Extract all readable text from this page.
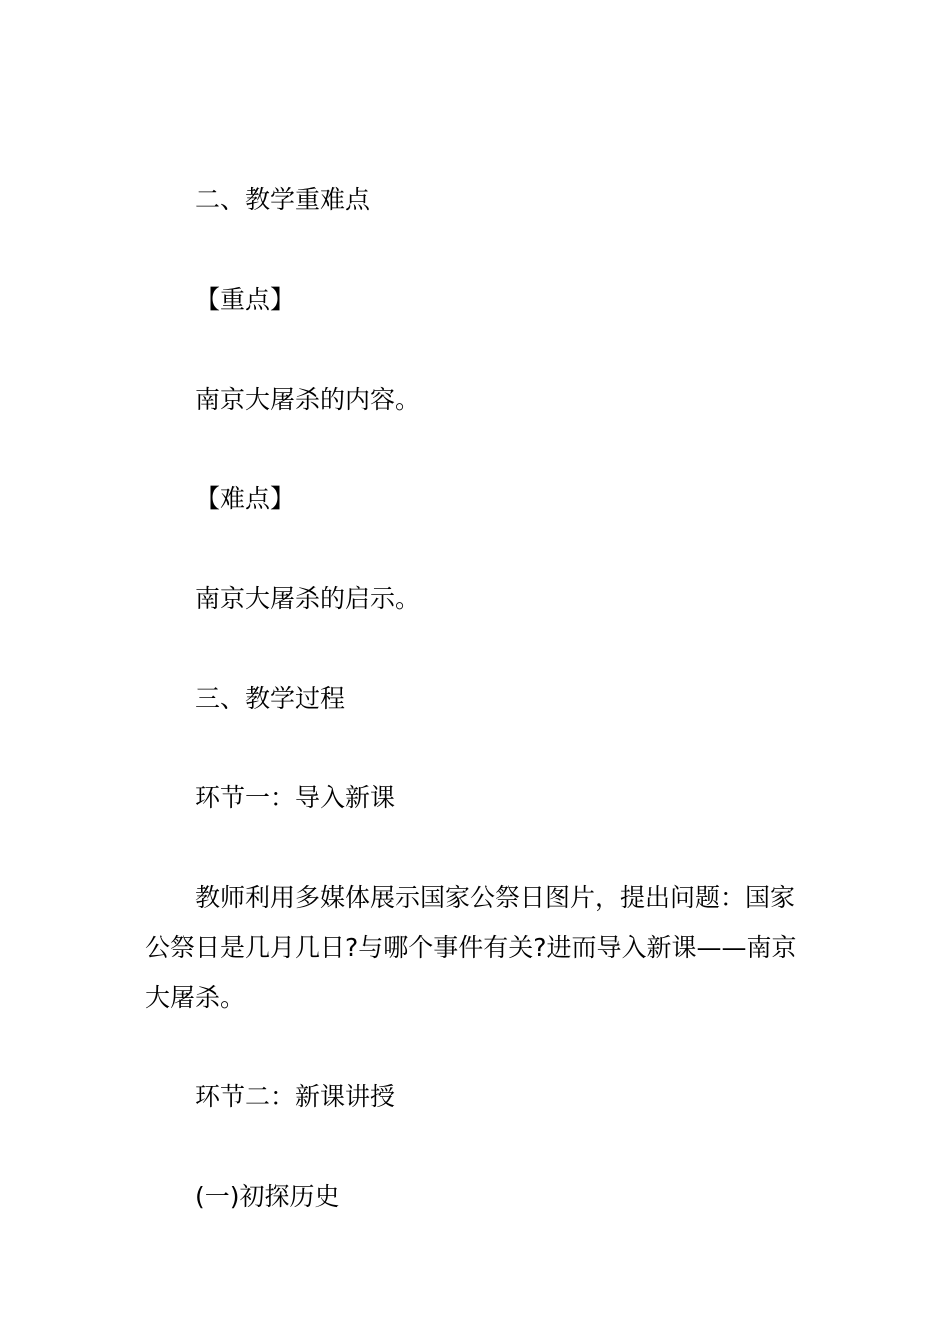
二、教学重难点
【重点】
南京大屠杀的内容。
【难点】
南京大屠杀的启示。
三、教学过程
环节一：导入新课
教师利用多媒体展示国家公祭日图片，提出问题：国家公祭日是几月几日?与哪个事件有关?进而导入新课——南京大屠杀。
环节二：新课讲授
(一)初探历史
